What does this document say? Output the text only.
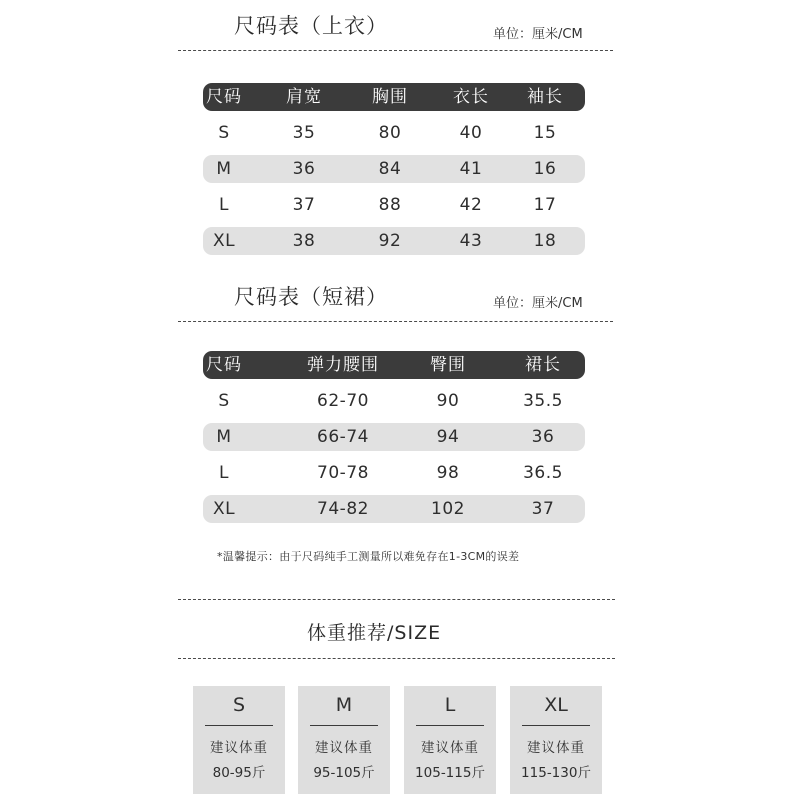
尺码表（上衣）	单位：厘米/CM
尺码	肩宽	胸围	衣长 袖长
S	35	80	40	15
M	36	84	41	16
L	37	88	42	17
XL	38	92	43	18
尺码表（短裙）	单位：厘米/CM
尺码	弹力腰围	臀围	裙长
S	62-70	90	35.5
M	66-74	94	36
L	70-78	98	36.5
XL	74-82	102	37
*温馨提示：由于尺码纯手工测量所以难免存在1-3CM的误差
体重推荐/SIZE
S
建议体重
80-95斤
M
建议体重
95-105斤
L
建议体重
105-115斤
XL
建议体重
115-130斤
